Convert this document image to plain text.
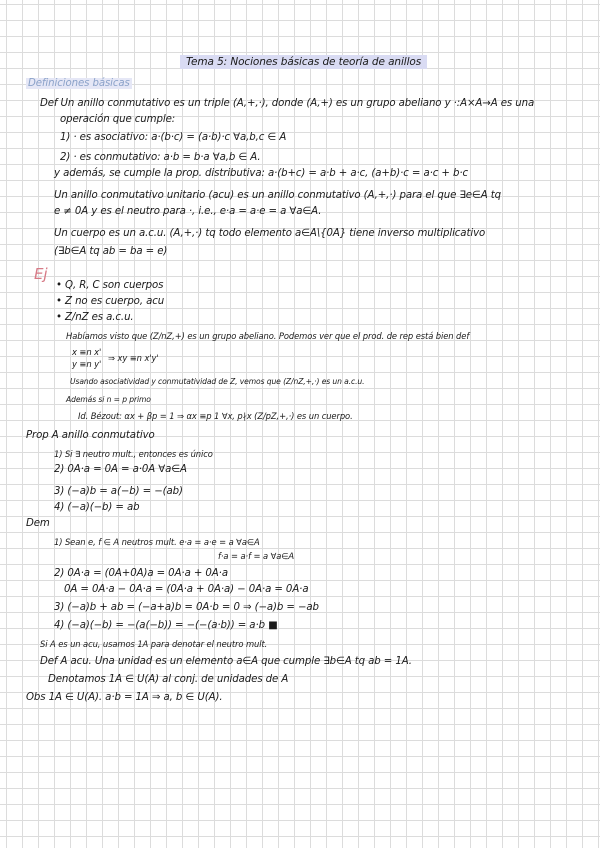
Tema 5: Nociones básicas de teoría de anillos
Definiciones básicas
Def Un anillo conmutativo es un triple (A,+,·), donde (A,+) es un grupo abeliano y ·:A×A→A es una
operación que cumple:
1) · es asociativo: a·(b·c) = (a·b)·c ∀a,b,c ∈ A
2) · es conmutativo: a·b = b·a ∀a,b ∈ A.
y además, se cumple la prop. distributiva: a·(b+c) = a·b + a·c, (a+b)·c = a·c + b·c
Un anillo conmutativo unitario (acu) es un anillo conmutativo (A,+,·) para el que ∃e∈A tq
e ≠ 0A y es el neutro para ·, i.e., e·a = a·e = a ∀a∈A.
Un cuerpo es un a.c.u. (A,+,·) tq todo elemento a∈A\{0A} tiene inverso multiplicativo
(∃b∈A tq ab = ba = e)
Ej
• Q, R, C son cuerpos
• Z no es cuerpo, acu
• Z/nZ es a.c.u.
Habíamos visto que (Z/nZ,+) es un grupo abeliano. Podemos ver que el prod. de rep está bien def
x ≡n x'
y ≡n y'
⇒ xy ≡n x'y'
Usando asociatividad y conmutatividad de Z, vemos que (Z/nZ,+,·) es un a.c.u.
Además si n = p primo
Id. Bézout: αx + βp = 1 ⇒ αx ≡p 1 ∀x, p∤x (Z/pZ,+,·) es un cuerpo.
Prop A anillo conmutativo
1) Si ∃ neutro mult., entonces es único
2) 0A·a = 0A = a·0A ∀a∈A
3) (−a)b = a(−b) = −(ab)
4) (−a)(−b) = ab
Dem
1) Sean e, f ∈ A neutros mult. e·a = a·e = a ∀a∈A
f·a = a·f = a ∀a∈A
2) 0A·a = (0A+0A)a = 0A·a + 0A·a
0A = 0A·a − 0A·a = (0A·a + 0A·a) − 0A·a = 0A·a
3) (−a)b + ab = (−a+a)b = 0A·b = 0 ⇒ (−a)b = −ab
4) (−a)(−b) = −(a(−b)) = −(−(a·b)) = a·b ■
Si A es un acu, usamos 1A para denotar el neutro mult.
Def A acu. Una unidad es un elemento a∈A que cumple ∃b∈A tq ab = 1A.
Denotamos 1A ∈ U(A) al conj. de unidades de A
Obs 1A ∈ U(A). a·b = 1A ⇒ a, b ∈ U(A).
